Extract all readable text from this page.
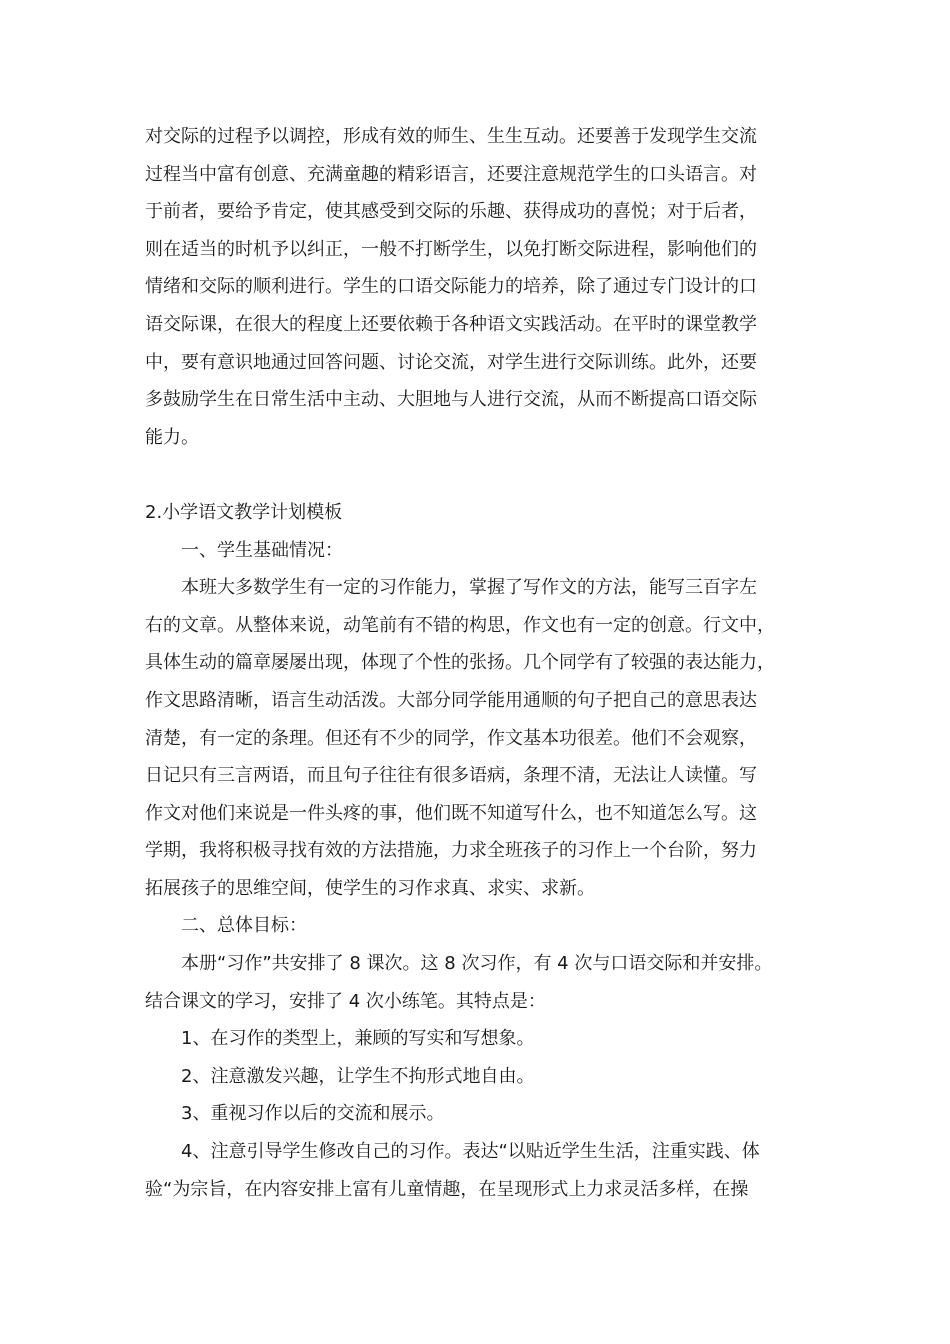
对交际的过程予以调控，形成有效的师生、生生互动。还要善于发现学生交流

过程当中富有创意、充满童趣的精彩语言，还要注意规范学生的口头语言。对

于前者，要给予肯定，使其感受到交际的乐趣、获得成功的喜悦；对于后者，

则在适当的时机予以纠正，一般不打断学生，以免打断交际进程，影响他们的

情绪和交际的顺利进行。学生的口语交际能力的培养，除了通过专门设计的口

语交际课，在很大的程度上还要依赖于各种语文实践活动。在平时的课堂教学

中，要有意识地通过回答问题、讨论交流，对学生进行交际训练。此外，还要

多鼓励学生在日常生活中主动、大胆地与人进行交流，从而不断提高口语交际

能力。

2.小学语文教学计划模板

一、学生基础情况：

本班大多数学生有一定的习作能力，掌握了写作文的方法，能写三百字左

右的文章。从整体来说，动笔前有不错的构思，作文也有一定的创意。行文中，

具体生动的篇章屡屡出现，体现了个性的张扬。几个同学有了较强的表达能力，

作文思路清晰，语言生动活泼。大部分同学能用通顺的句子把自己的意思表达

清楚，有一定的条理。但还有不少的同学，作文基本功很差。他们不会观察，

日记只有三言两语，而且句子往往有很多语病，条理不清，无法让人读懂。写

作文对他们来说是一件头疼的事，他们既不知道写什么，也不知道怎么写。这

学期，我将积极寻找有效的方法措施，力求全班孩子的习作上一个台阶，努力

拓展孩子的思维空间，使学生的习作求真、求实、求新。

二、总体目标：

本册“习作”共安排了 8 课次。这 8 次习作，有 4 次与口语交际和并安排。

结合课文的学习，安排了 4 次小练笔。其特点是：

1、在习作的类型上，兼顾的写实和写想象。

2、注意激发兴趣，让学生不拘形式地自由。

3、重视习作以后的交流和展示。

4、注意引导学生修改自己的习作。表达“以贴近学生生活，注重实践、体

验“为宗旨，在内容安排上富有儿童情趣，在呈现形式上力求灵活多样，在操
